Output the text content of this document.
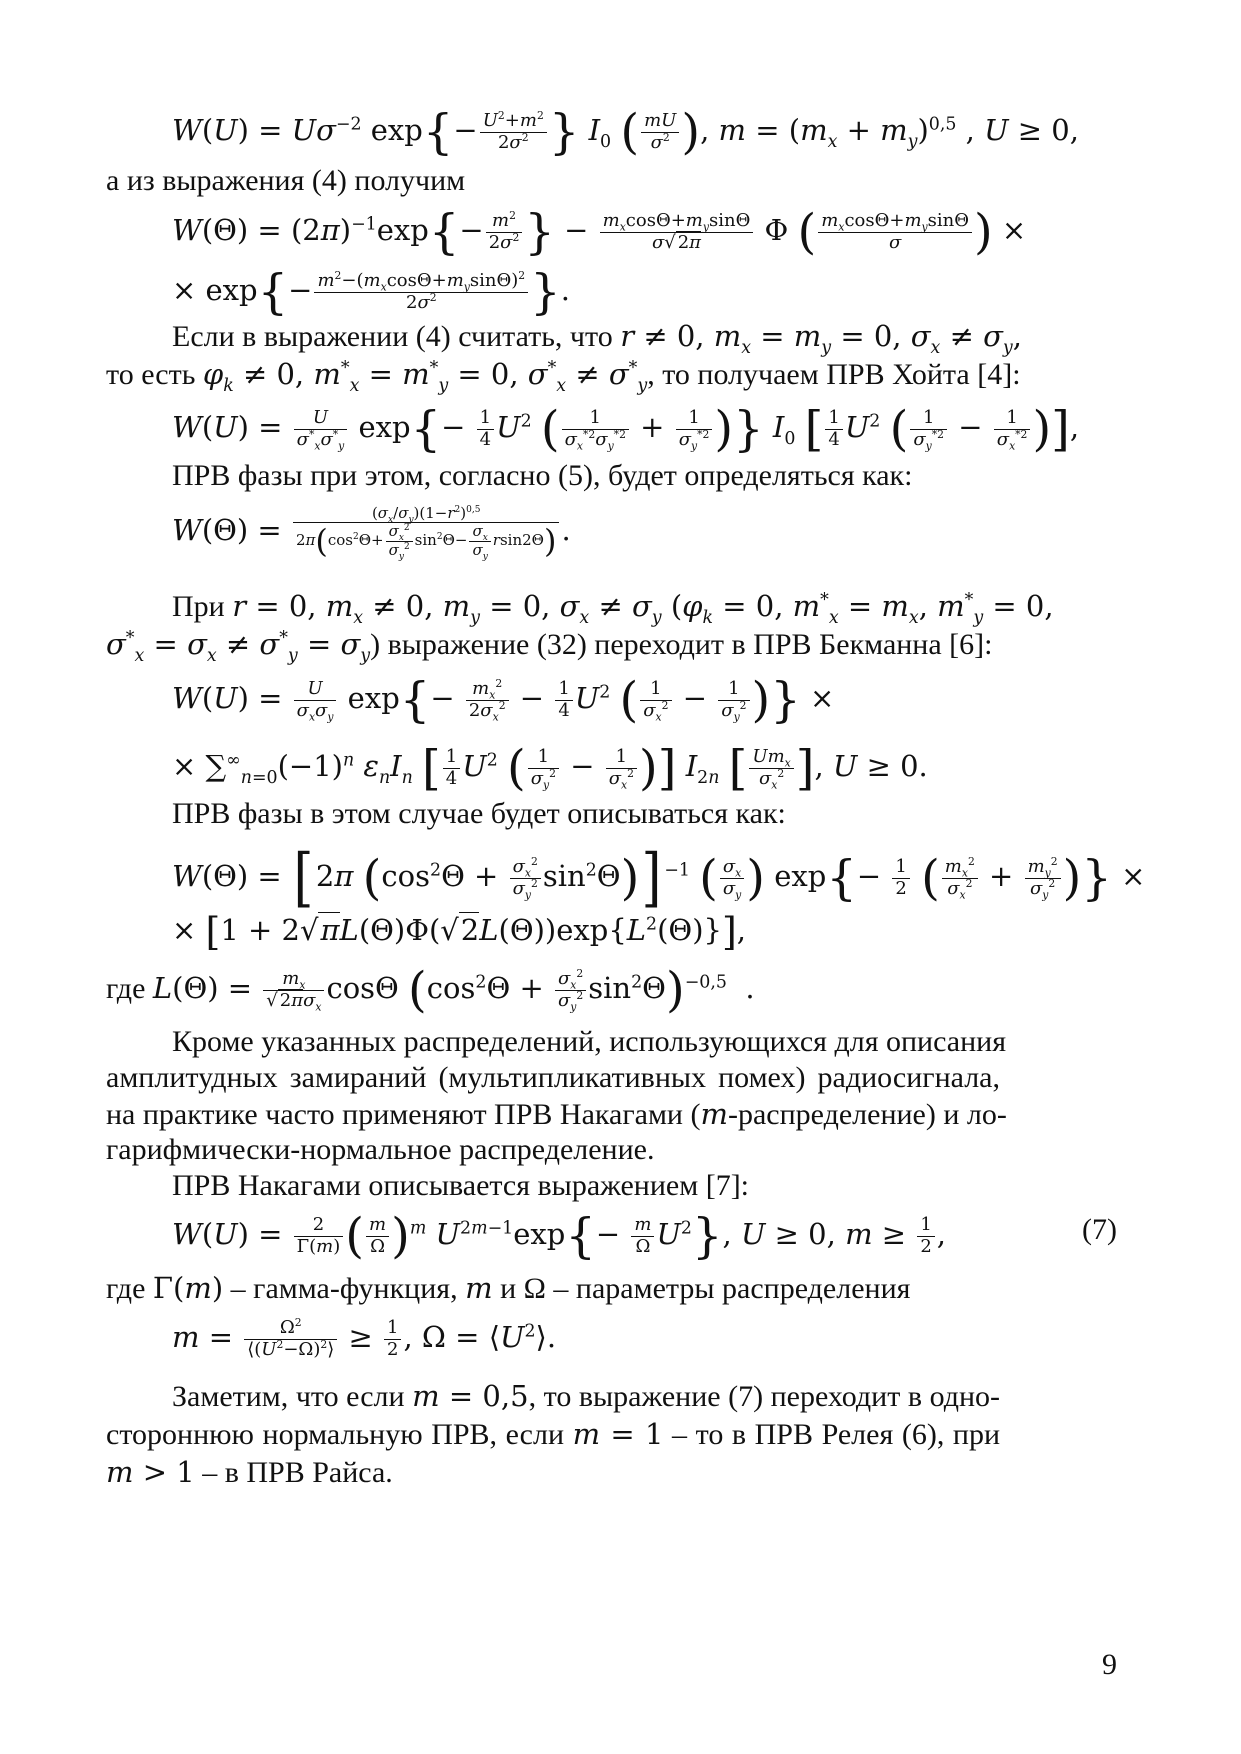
$W(U) = U\sigma^{-2}$ $\exp\{- \frac{U^2+m^2}{2\sigma^2}$ } $I_0$ ( $\frac{mU}{\sigma^2}$ ), $m = (m_x + m_y)^{0,5}$ , U ≥ 0,
а из выражения (4) получим
$W(\Theta) = (2\pi)^{-1}\exp\{- \frac{m^2}{2\sigma^2}$ } − $\frac{m_x\cos\Theta+m_y\sin\Theta}{\sigma√ 2\pi}$ Φ ( $\frac{m_x\cos\Theta+m_y\sin\Theta}{\sigma}$ ) ×
× $\exp\{- \frac{m^2-(m_x\cos\Theta+m_y\sin\Theta)^2}{2\sigma^2}$ }.
Если в выражении (4) считать, что r ≠ 0, $m_x = m_y = 0$, $\sigma_x \ne \sigma_y$,
то есть $\varphi_k \ne 0$, $m^*_x = m^*_y = 0$, $\sigma^*_x \ne \sigma^*_y$, то получаем ПРВ Хойта [4]:
$W(U) = \frac{U}{\sigma^*_x\sigma^*_y} \exp\{- \frac{1}{4} U^2$ ( $\frac{1}{\sigma_x^{*2}\sigma_y^{*2}} + \frac{1}{\sigma_y^{*2}}$ )} $I_0$ [ $\frac{1}{4} U^2$ ( $\frac{1}{\sigma_y^{*2}} - \frac{1}{\sigma_x^{*2}}$ )],
ПРВ фазы при этом, согласно (5), будет определяться как:
$W(\Theta) = \frac{(\sigma_x/\sigma_y)(1-r^2)^{0,5}}{2\pi(\cos^2\Theta+ \frac{\sigma_x^2}{\sigma_y^2} \sin^2\Theta- \frac{\sigma_x}{\sigma_y} rsin2\Theta)}$ .
При r = 0, $m_x \ne 0$, $m_y = 0$, $\sigma_x \ne \sigma_y$ ($\varphi_k = 0$, $m^*_x = m_x$, $m^*_y = 0$,
$\sigma^*_x = \sigma_x \ne \sigma^*_y = \sigma_y$) выражение (32) переходит в ПРВ Бекманна [6]:
$W(U) = \frac{U}{\sigma_x\sigma_y} \exp\{- \frac{m_x^2}{2\sigma_x^2} - \frac{1}{4} U^2$ ( $\frac{1}{\sigma_x^2} - \frac{1}{\sigma_y^2}$ )} ×
× $\sum^\infty_{n=0}(-1)^n$ $\varepsilon_nI_n$ [ $\frac{1}{4} U^2$ ( $\frac{1}{\sigma_y^2} - \frac{1}{\sigma_x^2}$ )] $I_{2n}$ [ $\frac{Um_x}{\sigma_x^2}$ ], U ≥ 0.
ПРВ фазы в этом случае будет описываться как:
W(Θ) = [2π $(\cos^2\Theta + \frac{\sigma_x^2}{\sigma_y^2} \sin^2\Theta)$] $^{-1}$ ( $\frac{\sigma_x}{\sigma_y}$ ) $\exp\{- \frac{1}{2}$ ( $\frac{m_x^2}{\sigma_x^2} + \frac{m_y^2}{\sigma_y^2}$ )} ×
× $[1 + 2√\pi L(\Theta)\Phi(√2L(\Theta))\exp\{L^2(\Theta)\}]$,
где $L(\Theta) = \frac{m_x}{√ 2\pi\sigma_x}$ cosΘ $(\cos^2\Theta + \frac{\sigma_x^2}{\sigma_y^2} \sin^2\Theta)^{-0,5}$  .
Кроме указанных распределений, использующихся для описания
амплитудных замираний (мультипликативных помех) радиосигнала,
на практике часто применяют ПРВ Накагами (m-распределение) и ло-
гарифмически-нормальное распределение.
ПРВ Накагами описывается выражением [7]:
$W(U) = \frac{2}{\Gamma(m)}$ ( $\frac{m}{\Omega} )^m$ $U^{2m-1}\exp\{- \frac{m}{\Omega} U^2\}$, U ≥ 0, $m \ge \frac{1}{2}$ ,	(7)
где Γ(m) – гамма-функция, m и Ω – параметры распределения
$m = \frac{\Omega^2}{⟨(U^2-\Omega)^2⟩} \ge \frac{1}{2}$ , $\Omega = ⟨U^2⟩$.
Заметим, что если m = 0,5, то выражение (7) переходит в одно-
стороннюю нормальную ПРВ, если m = 1 – то в ПРВ Релея (6), при
m > 1 – в ПРВ Райса.
9
